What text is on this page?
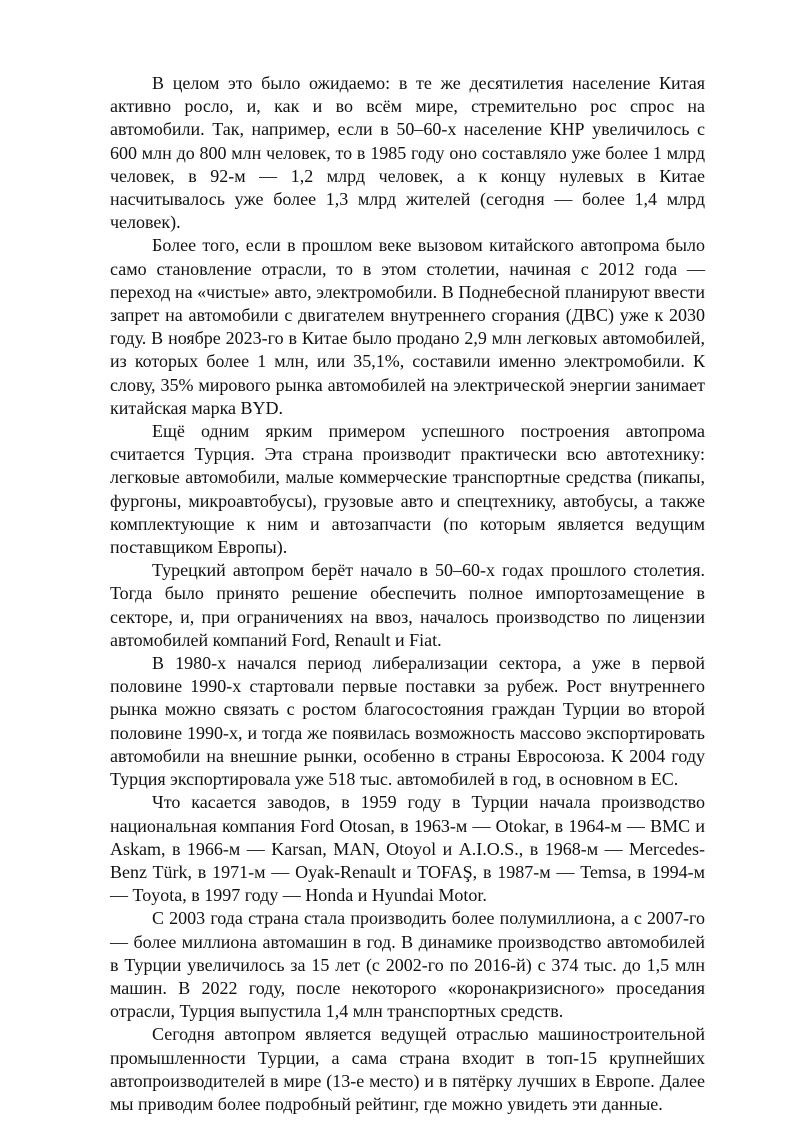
В целом это было ожидаемо: в те же десятилетия население Китая активно росло, и, как и во всём мире, стремительно рос спрос на автомобили. Так, например, если в 50–60-х население КНР увеличилось с 600 млн до 800 млн человек, то в 1985 году оно составляло уже более 1 млрд человек, в 92-м — 1,2 млрд человек, а к концу нулевых в Китае насчитывалось уже более 1,3 млрд жителей (сегодня — более 1,4 млрд человек).

Более того, если в прошлом веке вызовом китайского автопрома было само становление отрасли, то в этом столетии, начиная с 2012 года — переход на «чистые» авто, электромобили. В Поднебесной планируют ввести запрет на автомобили с двигателем внутреннего сгорания (ДВС) уже к 2030 году. В ноябре 2023-го в Китае было продано 2,9 млн легковых автомобилей, из которых более 1 млн, или 35,1%, составили именно электромобили. К слову, 35% мирового рынка автомобилей на электрической энергии занимает китайская марка BYD.

Ещё одним ярким примером успешного построения автопрома считается Турция. Эта страна производит практически всю автотехнику: легковые автомобили, малые коммерческие транспортные средства (пикапы, фургоны, микроавтобусы), грузовые авто и спецтехнику, автобусы, а также комплектующие к ним и автозапчасти (по которым является ведущим поставщиком Европы).

Турецкий автопром берёт начало в 50–60-х годах прошлого столетия. Тогда было принято решение обеспечить полное импортозамещение в секторе, и, при ограничениях на ввоз, началось производство по лицензии автомобилей компаний Ford, Renault и Fiat.

В 1980-х начался период либерализации сектора, а уже в первой половине 1990-х стартовали первые поставки за рубеж. Рост внутреннего рынка можно связать с ростом благосостояния граждан Турции во второй половине 1990-х, и тогда же появилась возможность массово экспортировать автомобили на внешние рынки, особенно в страны Евросоюза. К 2004 году Турция экспортировала уже 518 тыс. автомобилей в год, в основном в ЕС.

Что касается заводов, в 1959 году в Турции начала производство национальная компания Ford Otosan, в 1963-м — Otokar, в 1964-м — BMC и Askam, в 1966-м — Karsan, MAN, Otoyol и A.I.O.S., в 1968-м — Mercedes-Benz Türk, в 1971-м — Oyak-Renault и TOFAŞ, в 1987-м — Temsa, в 1994-м — Toyota, в 1997 году — Honda и Hyundai Motor.

С 2003 года страна стала производить более полумиллиона, а с 2007-го — более миллиона автомашин в год. В динамике производство автомобилей в Турции увеличилось за 15 лет (с 2002-го по 2016-й) с 374 тыс. до 1,5 млн машин. В 2022 году, после некоторого «коронакризисного» проседания отрасли, Турция выпустила 1,4 млн транспортных средств.

Сегодня автопром является ведущей отраслью машиностроительной промышленности Турции, а сама страна входит в топ-15 крупнейших автопроизводителей в мире (13-е место) и в пятёрку лучших в Европе. Далее мы приводим более подробный рейтинг, где можно увидеть эти данные.
